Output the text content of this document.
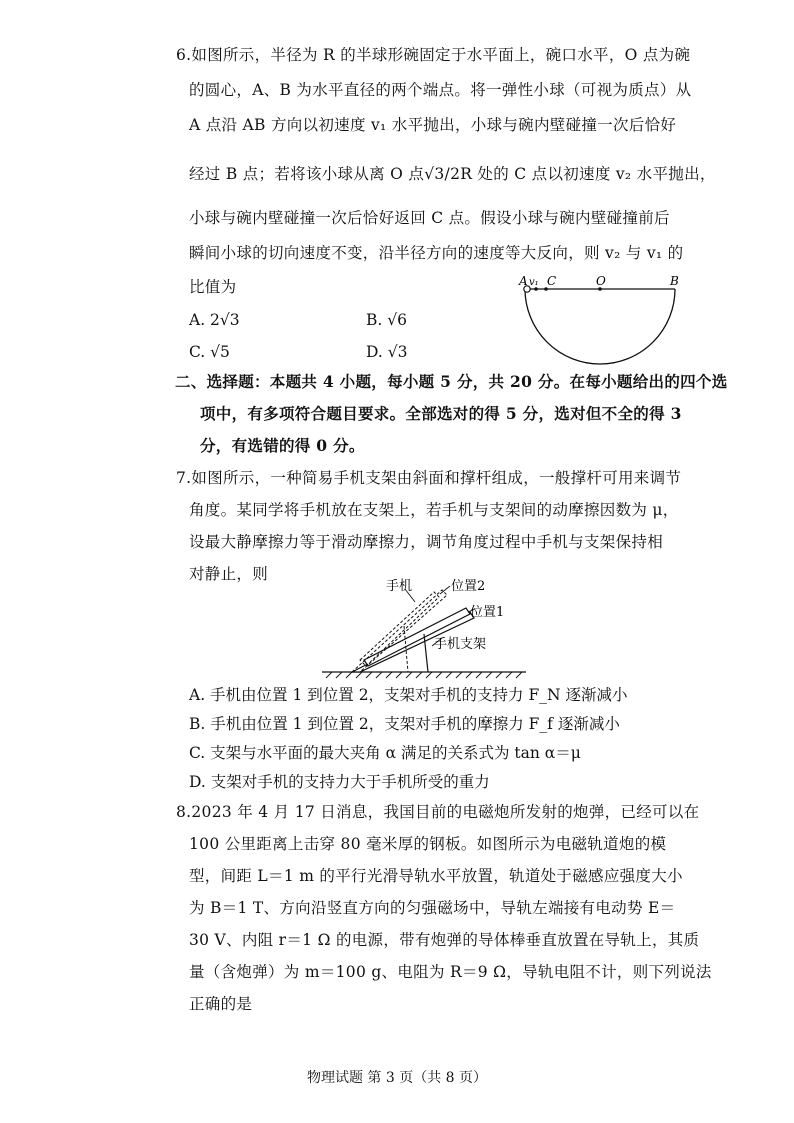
6.如图所示，半径为 R 的半球形碗固定于水平面上，碗口水平，O 点为碗
的圆心，A、B 为水平直径的两个端点。将一弹性小球（可视为质点）从
A 点沿 AB 方向以初速度 v₁ 水平抛出，小球与碗内壁碰撞一次后恰好
经过 B 点；若将该小球从离 O 点√3/2R 处的 C 点以初速度 v₂ 水平抛出，
小球与碗内壁碰撞一次后恰好返回 C 点。假设小球与碗内壁碰撞前后
瞬间小球的切向速度不变，沿半径方向的速度等大反向，则 v₂ 与 v₁ 的
比值为
A. 2√3	B. √6
C. √5	D. √3
A v₁ C	O	B
二、选择题：本题共 4 小题，每小题 5 分，共 20 分。在每小题给出的四个选
项中，有多项符合题目要求。全部选对的得 5 分，选对但不全的得 3
分，有选错的得 0 分。
7.如图所示，一种简易手机支架由斜面和撑杆组成，一般撑杆可用来调节
角度。某同学将手机放在支架上，若手机与支架间的动摩擦因数为 μ，
设最大静摩擦力等于滑动摩擦力，调节角度过程中手机与支架保持相
对静止，则
手机	位置2
位置1
手机支架
A. 手机由位置 1 到位置 2，支架对手机的支持力 F_N 逐渐减小
B. 手机由位置 1 到位置 2，支架对手机的摩擦力 F_f 逐渐减小
C. 支架与水平面的最大夹角 α 满足的关系式为 tan α＝μ
D. 支架对手机的支持力大于手机所受的重力
8.2023 年 4 月 17 日消息，我国目前的电磁炮所发射的炮弹，已经可以在
100 公里距离上击穿 80 毫米厚的钢板。如图所示为电磁轨道炮的模
型，间距 L＝1 m 的平行光滑导轨水平放置，轨道处于磁感应强度大小
为 B＝1 T、方向沿竖直方向的匀强磁场中，导轨左端接有电动势 E＝
30 V、内阻 r＝1 Ω 的电源，带有炮弹的导体棒垂直放置在导轨上，其质
量（含炮弹）为 m＝100 g、电阻为 R＝9 Ω，导轨电阻不计，则下列说法
正确的是
物理试题 第 3 页（共 8 页）
